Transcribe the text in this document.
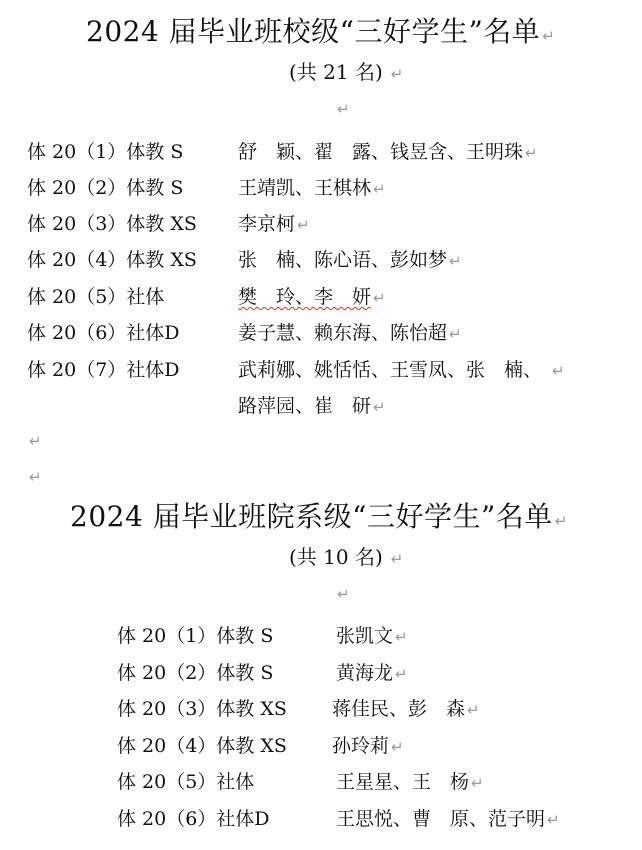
2024 届毕业班校级“三好学生”名单 ↵
(共 21 名) ↵
↵
体 20（1）体教 S	舒　颖、翟　露、钱昱含、王明珠 ↵
体 20（2）体教 S	王靖凯、王棋林 ↵
体 20（3）体教 XS 李京柯 ↵
体 20（4）体教 XS 张　楠、陈心语、彭如梦 ↵
体 20（5）社体	樊　玲、李　妍 ↵
体 20（6）社体D	姜子慧、赖东海、陈怡超 ↵
体 20（7）社体D	武莉娜、姚恬恬、王雪凤、张　楠、 ↵
路萍园、崔　研 ↵
↵
↵
2024 届毕业班院系级“三好学生”名单 ↵
(共 10 名) ↵
↵
体 20（1）体教 S	张凯文 ↵
体 20（2）体教 S	黄海龙 ↵
体 20（3）体教 XS 蒋佳民、彭　森 ↵
体 20（4）体教 XS 孙玲莉 ↵
体 20（5）社体	王星星、王　杨 ↵
体 20（6）社体D	王思悦、曹　原、范子明 ↵
